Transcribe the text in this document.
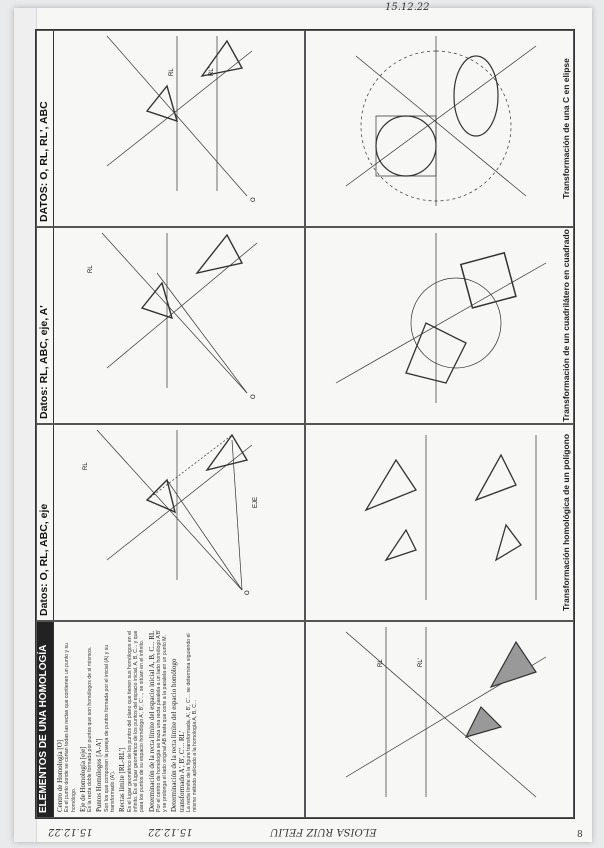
15.12.22
15.12.22	15.12.22	ELOISA RUIZ FELIU	8
ELEMENTOS DE UNA HOMOLOGÍA	Centro de Homología [O]
Es el punto donde se cortan todas las rectas que contienen un punto y su homólogo. Eje de Homología [eje]
Es la recta doble formada por puntos que son homólogos de sí mismos. Puntos Homólogos [A-A']
Son los que componen la pareja de puntos formada por el inicial (A) y su transformado (A'). Rectas límite [RL-RL']
Es el lugar geométrico de los puntos del plano que tienen sus homólogos en el infinito. Es el lugar geométrico de los puntos del espacio inicial, A, B, C... y que para los puntos de su espacio homólogo A', B', C'..., se sitúan en el infinito. Determinación de la recta límite del espacio inicial A, B, C... RL
Por el centro de homología se traza una recta paralela a un lado homólogo A'B' y se prolonga el lado original AB hasta que corte a la paralela en un punto M. Determinación de la recta límite del espacio homólogo transformado A', B', C'... RL'
La recta límite de la figura transformada, A', B', C'... se determina siguiendo el mismo método aplicado a la homología A, B, C...

Datos: O, RL, ABC, eje	O
RL
EJE
Datos: RL, ABC, eje, A'	O
RL
DATOS: O, RL, RL', ABC	O
RL	RL'
RL	RL'
Transformación homológica de un polígono
Transformación de un cuadrilátero en cuadrado
Transformación de una C en elipse
